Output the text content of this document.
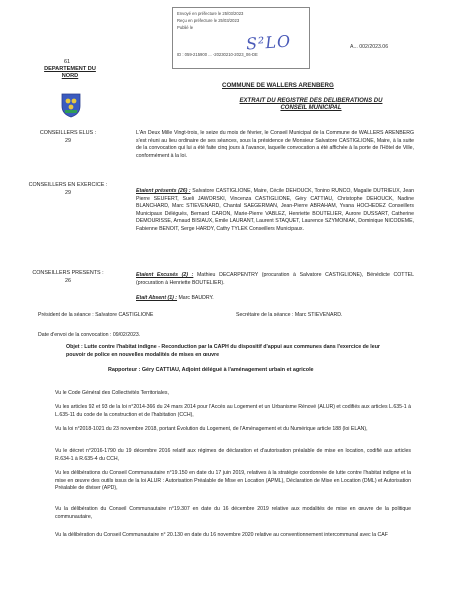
Envoyé en préfecture le 25/03/2023
Reçu en préfecture le 25/03/2023
Publié le
ID : 059-215900 ... -20230210-2023_06-DE
S²LO	A... 002/2023.06
61
DEPARTEMENT DU NORD
COMMUNE DE WALLERS ARENBERG
EXTRAIT DU REGISTRE DES DELIBERATIONS DU CONSEIL MUNICIPAL
CONSEILLERS ELUS :
29
CONSEILLERS EN EXERCICE :
29
CONSEILLERS PRESENTS :
26
L'An Deux Mille Vingt-trois, le seize du mois de février, le Conseil Municipal de la Commune de WALLERS ARENBERG s'est réuni au lieu ordinaire de ses séances, sous la présidence de Monsieur Salvatore CASTIGLIONE, Maire, à la suite de la convocation qui lui a été faite cinq jours à l'avance, laquelle convocation a été affichée à la porte de l'Hôtel de Ville, conformément à la loi.
Etaient présents (26) : Salvatore CASTIGLIONE, Maire, Cécile DEHOUCK, Tonino RUNCO, Magalie DUTRIEUX, Jean Pierre SEUFERT, Sueli JAWORSKI, Vincenza CASTIGLIONE, Géry CATTIAU, Christophe DEHOUCK, Nadine BLANCHARD, Marc STIEVENARD, Chantal SAEGERMAN, Jean-Pierre ABRAHAM, Yvana HOCHEDEZ Conseillers Municipaux Délégués, Bernard CARON, Marie-Pierre VABLEZ, Henriette BOUTELIER, Aurore DUSSART, Catherine DEMOURISSE, Arnaud BISIAUX, Emile LAURANT, Laurent STAQUET, Laurence SZYMONIAK, Dominique NICODEME, Fabienne BENOIT, Serge HARDY, Cathy TYLEK Conseillers Municipaux.
Etaient Excusés (2) : Mathieu DECARPENTRY (procuration à Salvatore CASTIGLIONE), Bénédicte COTTEL (procuration à Henriette BOUTELIER).
Etait Absent (1) : Marc BAUDRY.
Président de la séance : Salvatore CASTIGLIONE	Secrétaire de la séance : Marc STIEVENARD.
Date d'envoi de la convocation : 09/02/2023.
Objet : Lutte contre l'habitat indigne - Reconduction par la CAPH du dispositif d'appui aux communes dans l'exercice de leur pouvoir de police en nouvelles modalités de mises en œuvre
Rapporteur : Géry CATTIAU, Adjoint délégué à l'aménagement urbain et agricole
Vu le Code Général des Collectivités Territoriales,
Vu les articles 92 et 93 de la loi n°2014-366 du 24 mars 2014 pour l'Accès au Logement et un Urbanisme Rénové (ALUR) et codifiés aux articles L.635-1 à L.635-11 du code de la construction et de l'habitation (CCH),
Vu la loi n°2018-1021 du 23 novembre 2018, portant Évolution du Logement, de l'Aménagement et du Numérique article 188 (loi ELAN),
Vu le décret n°2016-1790 du 19 décembre 2016 relatif aux régimes de déclaration et d'autorisation préalable de mise en location, codifié aux articles R.634-1 à R.635-4 du CCH,
Vu les délibérations du Conseil Communautaire n°19.150 en date du 17 juin 2019, relatives à la stratégie coordonnée de lutte contre l'habitat indigne et la mise en œuvre des outils issus de la loi ALUR : Autorisation Préalable de Mise en Location (APML), Déclaration de Mise en Location (DML) et Autorisation Préalable de diviser (APD),
Vu la délibération du Conseil Communautaire n°19.307 en date du 16 décembre 2019 relative aux modalités de mise en œuvre de la politique communautaire,
Vu la délibération du Conseil Communautaire n° 20.130 en date du 16 novembre 2020 relative au conventionnement intercommunal avec la CAF
